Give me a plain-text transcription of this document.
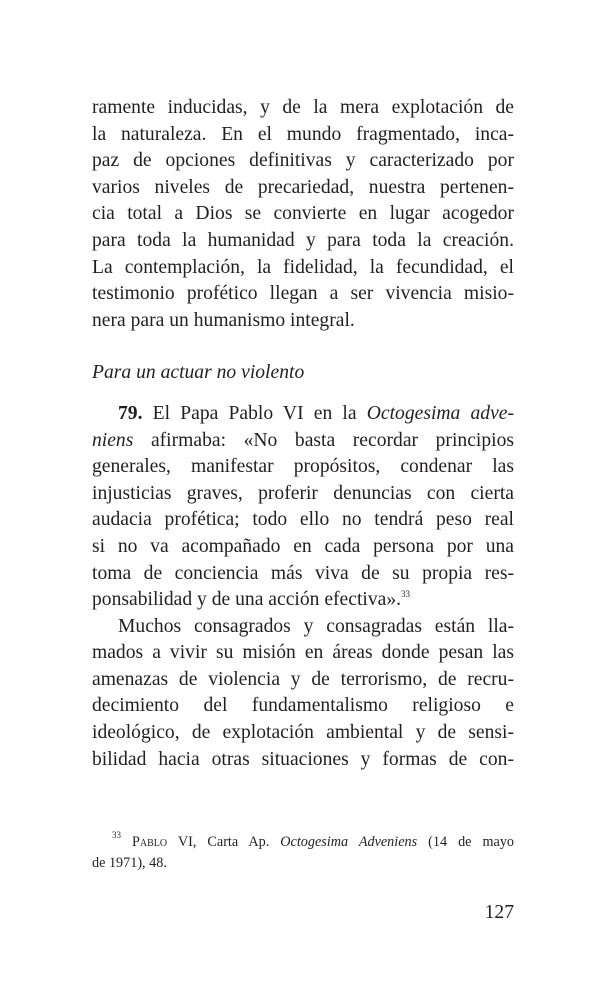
ramente inducidas, y de la mera explotación de
la naturaleza. En el mundo fragmentado, inca-
paz de opciones definitivas y caracterizado por
varios niveles de precariedad, nuestra pertenen-
cia total a Dios se convierte en lugar acogedor
para toda la humanidad y para toda la creación.
La contemplación, la fidelidad, la fecundidad, el
testimonio profético llegan a ser vivencia misio-
nera para un humanismo integral.
Para un actuar no violento
79. El Papa Pablo VI en la Octogesima adve-
niens afirmaba: «No basta recordar principios
generales, manifestar propósitos, condenar las
injusticias graves, proferir denuncias con cierta
audacia profética; todo ello no tendrá peso real
si no va acompañado en cada persona por una
toma de conciencia más viva de su propia res-
ponsabilidad y de una acción efectiva».$^{33}$
Muchos consagrados y consagradas están lla-
mados a vivir su misión en áreas donde pesan las
amenazas de violencia y de terrorismo, de recru-
decimiento del fundamentalismo religioso e
ideológico, de explotación ambiental y de sensi-
bilidad hacia otras situaciones y formas de con-
$^{33}$ Pablo VI, Carta Ap. Octogesima Adveniens (14 de mayo
de 1971), 48.
127
